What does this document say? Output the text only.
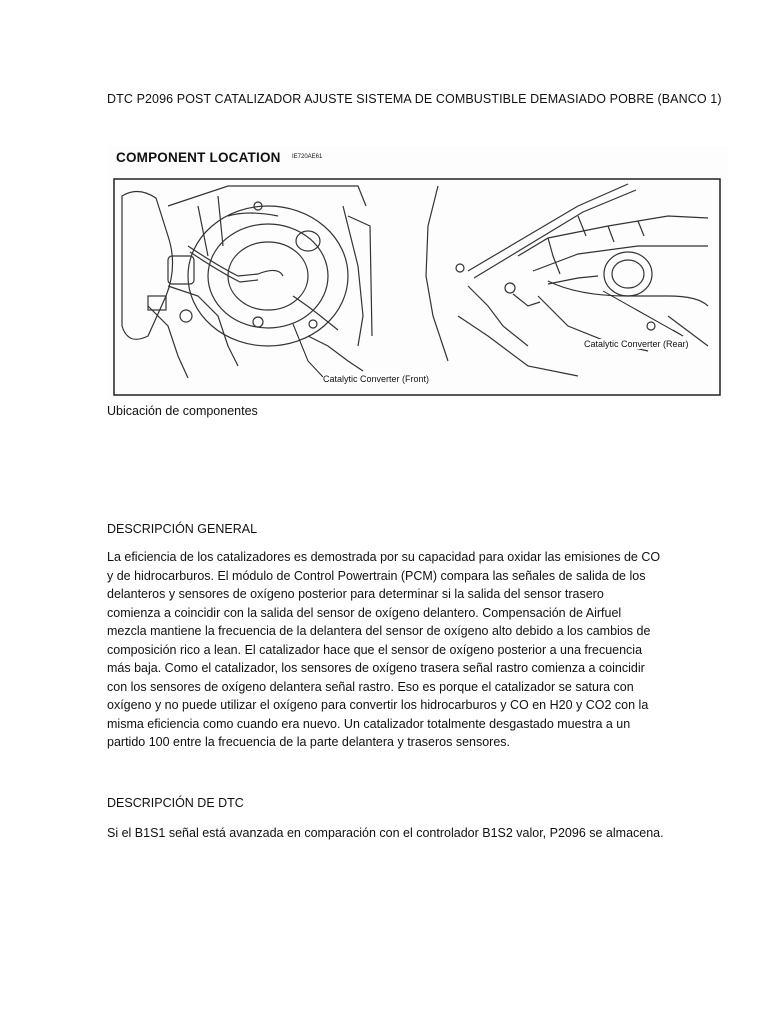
DTC P2096 POST CATALIZADOR AJUSTE SISTEMA DE COMBUSTIBLE DEMASIADO POBRE (BANCO 1)
COMPONENT LOCATION IE720AE61
Catalytic Converter (Front)
Catalytic Converter (Rear)
Ubicación de componentes
DESCRIPCIÓN GENERAL
La eficiencia de los catalizadores es demostrada por su capacidad para oxidar las emisiones de CO
y de hidrocarburos. El módulo de Control Powertrain (PCM) compara las señales de salida de los
delanteros y sensores de oxígeno posterior para determinar si la salida del sensor trasero
comienza a coincidir con la salida del sensor de oxígeno delantero. Compensación de Airfuel
mezcla mantiene la frecuencia de la delantera del sensor de oxígeno alto debido a los cambios de
composición rico a lean. El catalizador hace que el sensor de oxígeno posterior a una frecuencia
más baja. Como el catalizador, los sensores de oxígeno trasera señal rastro comienza a coincidir
con los sensores de oxígeno delantera señal rastro. Eso es porque el catalizador se satura con
oxígeno y no puede utilizar el oxígeno para convertir los hidrocarburos y CO en H20 y CO2 con la
misma eficiencia como cuando era nuevo. Un catalizador totalmente desgastado muestra a un
partido 100 entre la frecuencia de la parte delantera y traseros sensores.
DESCRIPCIÓN DE DTC
Si el B1S1 señal está avanzada en comparación con el controlador B1S2 valor, P2096 se almacena.
